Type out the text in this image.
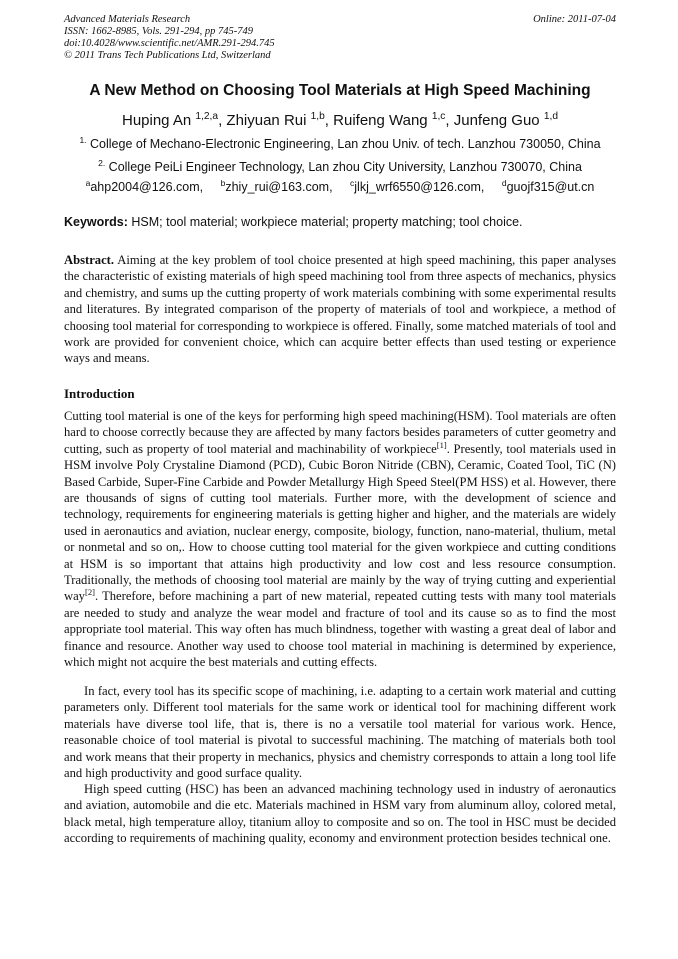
Advanced Materials Research
ISSN: 1662-8985, Vols. 291-294, pp 745-749
doi:10.4028/www.scientific.net/AMR.291-294.745
© 2011 Trans Tech Publications Ltd, Switzerland
Online: 2011-07-04
A New Method on Choosing Tool Materials at High Speed Machining
Huping An $^{1,2,a}$, Zhiyuan Rui $^{1,b}$, Ruifeng Wang $^{1,c}$, Junfeng Guo $^{1,d}$
$^{1.}$ College of Mechano-Electronic Engineering, Lan zhou Univ. of tech. Lanzhou 730050, China
$^{2.}$ College PeiLi Engineer Technology, Lan zhou City University, Lanzhou 730070, China
$^a$ahp2004@126.com, $^b$zhiy_rui@163.com, $^c$jlkj_wrf6550@126.com, $^d$guojf315@ut.cn
Keywords: HSM; tool material; workpiece material; property matching; tool choice.
Abstract. Aiming at the key problem of tool choice presented at high speed machining, this paper analyses the characteristic of existing materials of high speed machining tool from three aspects of mechanics, physics and chemistry, and sums up the cutting property of work materials combining with some experimental results and literatures. By integrated comparison of the property of materials of tool and workpiece, a method of choosing tool material for corresponding to workpiece is offered. Finally, some matched materials of tool and work are provided for convenient choice, which can acquire better effects than used testing or experience ways and means.
Introduction
Cutting tool material is one of the keys for performing high speed machining(HSM). Tool materials are often hard to choose correctly because they are affected by many factors besides parameters of cutter geometry and cutting, such as property of tool material and machinability of workpiece[1]. Presently, tool materials used in HSM involve Poly Crystaline Diamond (PCD), Cubic Boron Nitride (CBN), Ceramic, Coated Tool, TiC (N) Based Carbide, Super-Fine Carbide and Powder Metallurgy High Speed Steel(PM HSS) et al. However, there are thousands of signs of cutting tool materials. Further more, with the development of science and technology, requirements for engineering materials is getting higher and higher, and the materials are widely used in aeronautics and aviation, nuclear energy, composite, biology, function, nano-material, thulium, metal or nonmetal and so on,. How to choose cutting tool material for the given workpiece and cutting conditions at HSM is so important that attains high productivity and low cost and less resource consumption. Traditionally, the methods of choosing tool material are mainly by the way of trying cutting and experiential way[2]. Therefore, before machining a part of new material, repeated cutting tests with many tool materials are needed to study and analyze the wear model and fracture of tool and its cause so as to find the most appropriate tool material. This way often has much blindness, together with wasting a great deal of labor and finance and resource. Another way used to choose tool material in machining is determined by experience, which might not acquire the best materials and cutting effects.
In fact, every tool has its specific scope of machining, i.e. adapting to a certain work material and cutting parameters only. Different tool materials for the same work or identical tool for machining different work materials have diverse tool life, that is, there is no a versatile tool material for various work. Hence, reasonable choice of tool material is pivotal to successful machining. The matching of materials both tool and work means that their property in mechanics, physics and chemistry corresponds to attain a long tool life and high productivity and good surface quality.
High speed cutting (HSC) has been an advanced machining technology used in industry of aeronautics and aviation, automobile and die etc. Materials machined in HSM vary from aluminum alloy, colored metal, black metal, high temperature alloy, titanium alloy to composite and so on. The tool in HSC must be decided according to requirements of machining quality, economy and environment protection besides technical one.
